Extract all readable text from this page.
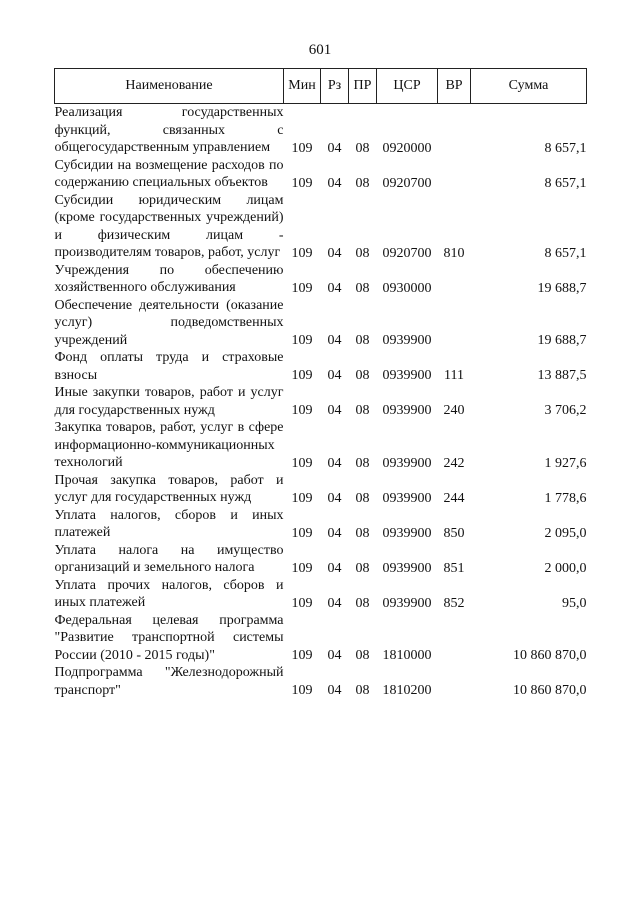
601
Наименование	Мин	Рз	ПР	ЦСР	ВР	Сумма
Реализация государственных функций, связанных с общегосударственным управлением	109	04	08	0920000		8 657,1
Субсидии на возмещение расходов по содержанию специальных объектов	109	04	08	0920700		8 657,1
Субсидии юридическим лицам (кроме государственных учреждений) и физическим лицам - производителям товаров, работ, услуг	109	04	08	0920700	810	8 657,1
Учреждения по обеспечению хозяйственного обслуживания	109	04	08	0930000		19 688,7
Обеспечение деятельности (оказание услуг) подведомственных учреждений	109	04	08	0939900		19 688,7
Фонд оплаты труда и страховые взносы	109	04	08	0939900	111	13 887,5
Иные закупки товаров, работ и услуг для государственных нужд	109	04	08	0939900	240	3 706,2
Закупка товаров, работ, услуг в сфере информационно-коммуникационных технологий	109	04	08	0939900	242	1 927,6
Прочая закупка товаров, работ и услуг для государственных нужд	109	04	08	0939900	244	1 778,6
Уплата налогов, сборов и иных платежей	109	04	08	0939900	850	2 095,0
Уплата налога на имущество организаций и земельного налога	109	04	08	0939900	851	2 000,0
Уплата прочих налогов, сборов и иных платежей	109	04	08	0939900	852	95,0
Федеральная целевая программа "Развитие транспортной системы России (2010 - 2015 годы)"	109	04	08	1810000		10 860 870,0
Подпрограмма "Железнодорожный транспорт"	109	04	08	1810200		10 860 870,0
